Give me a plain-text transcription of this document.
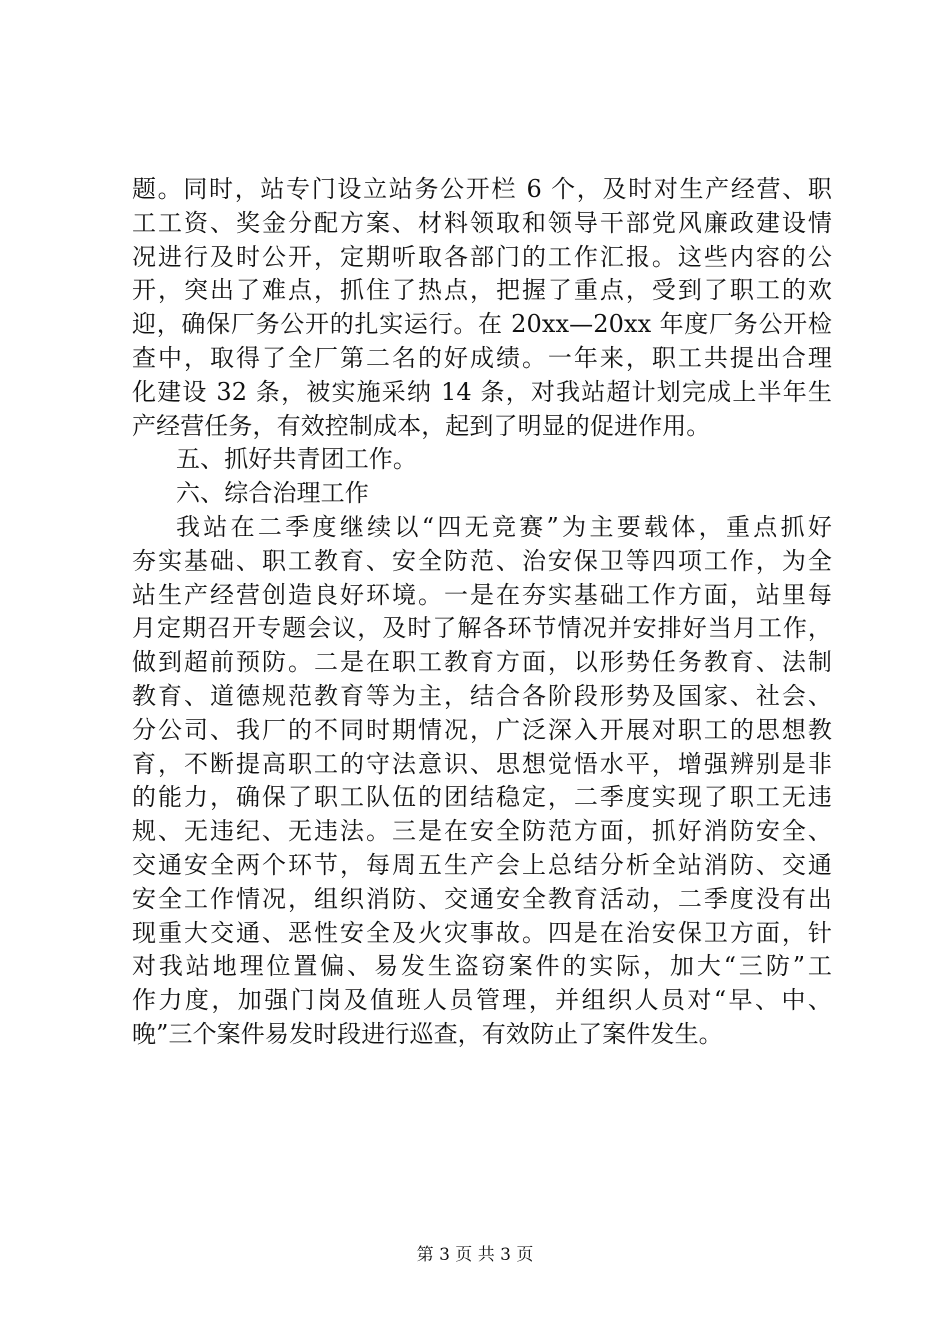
题。同时，站专门设立站务公开栏 6 个，及时对生产经营、职
工工资、奖金分配方案、材料领取和领导干部党风廉政建设情
况进行及时公开，定期听取各部门的工作汇报。这些内容的公
开，突出了难点，抓住了热点，把握了重点，受到了职工的欢
迎，确保厂务公开的扎实运行。在 20xx—20xx 年度厂务公开检
查中，取得了全厂第二名的好成绩。一年来，职工共提出合理
化建设 32 条，被实施采纳 14 条，对我站超计划完成上半年生
产经营任务，有效控制成本，起到了明显的促进作用。
五、抓好共青团工作。
六、综合治理工作
我站在二季度继续以“四无竞赛”为主要载体，重点抓好
夯实基础、职工教育、安全防范、治安保卫等四项工作，为全
站生产经营创造良好环境。一是在夯实基础工作方面，站里每
月定期召开专题会议，及时了解各环节情况并安排好当月工作，
做到超前预防。二是在职工教育方面，以形势任务教育、法制
教育、道德规范教育等为主，结合各阶段形势及国家、社会、
分公司、我厂的不同时期情况，广泛深入开展对职工的思想教
育，不断提高职工的守法意识、思想觉悟水平，增强辨别是非
的能力，确保了职工队伍的团结稳定，二季度实现了职工无违
规、无违纪、无违法。三是在安全防范方面，抓好消防安全、
交通安全两个环节，每周五生产会上总结分析全站消防、交通
安全工作情况，组织消防、交通安全教育活动，二季度没有出
现重大交通、恶性安全及火灾事故。四是在治安保卫方面，针
对我站地理位置偏、易发生盗窃案件的实际，加大“三防”工
作力度，加强门岗及值班人员管理，并组织人员对“早、中、
晚”三个案件易发时段进行巡查，有效防止了案件发生。
第 3 页 共 3 页
